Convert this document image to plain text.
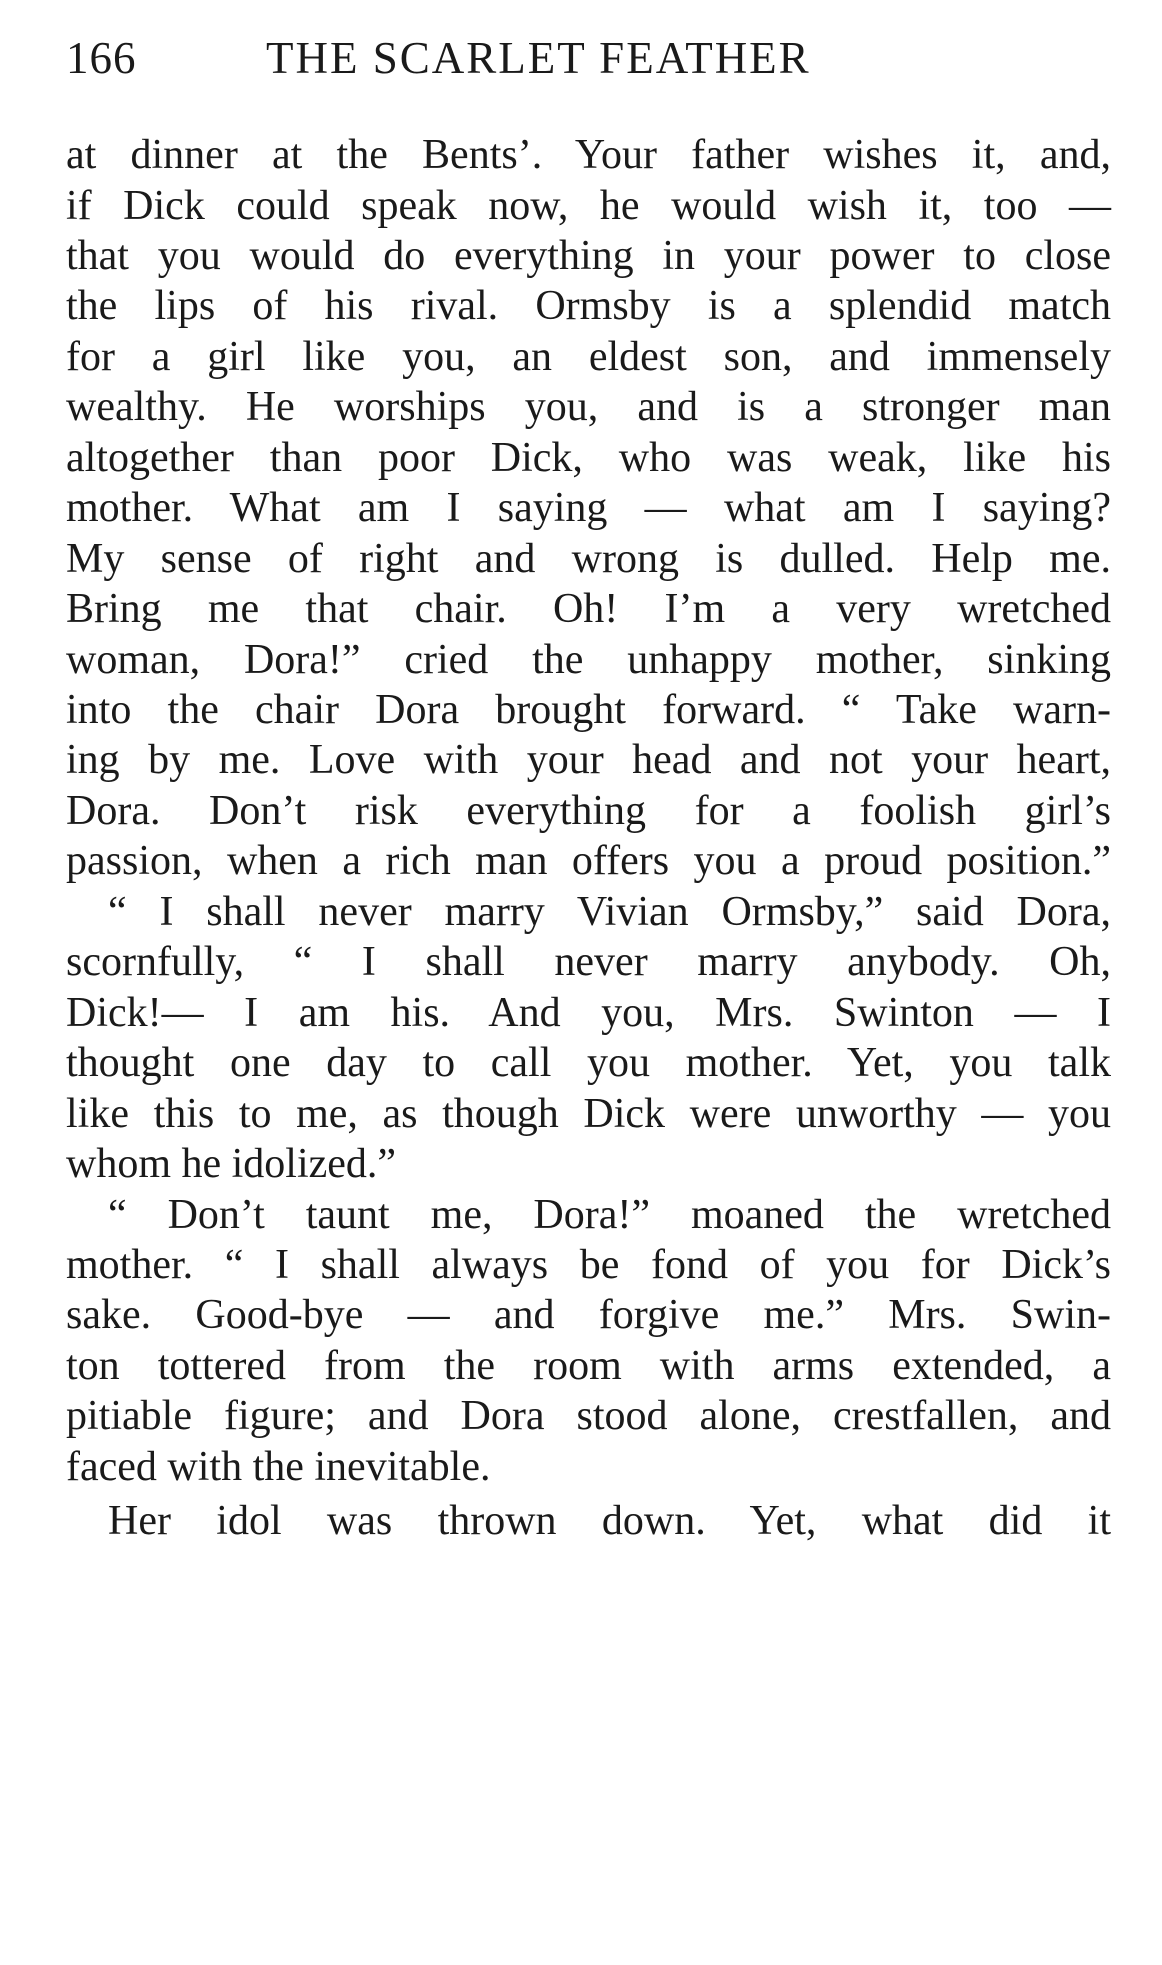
166	THE SCARLET FEATHER
at dinner at the Bents’. Your father wishes it, and,
if Dick could speak now, he would wish it, too —
that you would do everything in your power to close
the lips of his rival. Ormsby is a splendid match
for a girl like you, an eldest son, and immensely
wealthy. He worships you, and is a stronger man
altogether than poor Dick, who was weak, like his
mother. What am I saying — what am I saying?
My sense of right and wrong is dulled. Help me.
Bring me that chair. Oh! I’m a very wretched
woman, Dora!” cried the unhappy mother, sinking
into the chair Dora brought forward. “ Take warn-
ing by me. Love with your head and not your heart,
Dora. Don’t risk everything for a foolish girl’s
passion, when a rich man offers you a proud position.”
“ I shall never marry Vivian Ormsby,” said Dora,
scornfully, “ I shall never marry anybody. Oh,
Dick!— I am his. And you, Mrs. Swinton — I
thought one day to call you mother. Yet, you talk
like this to me, as though Dick were unworthy — you
whom he idolized.”
“ Don’t taunt me, Dora!” moaned the wretched
mother. “ I shall always be fond of you for Dick’s
sake. Good-bye — and forgive me.” Mrs. Swin-
ton tottered from the room with arms extended, a
pitiable figure; and Dora stood alone, crestfallen, and
faced with the inevitable.
Her idol was thrown down. Yet, what did it
